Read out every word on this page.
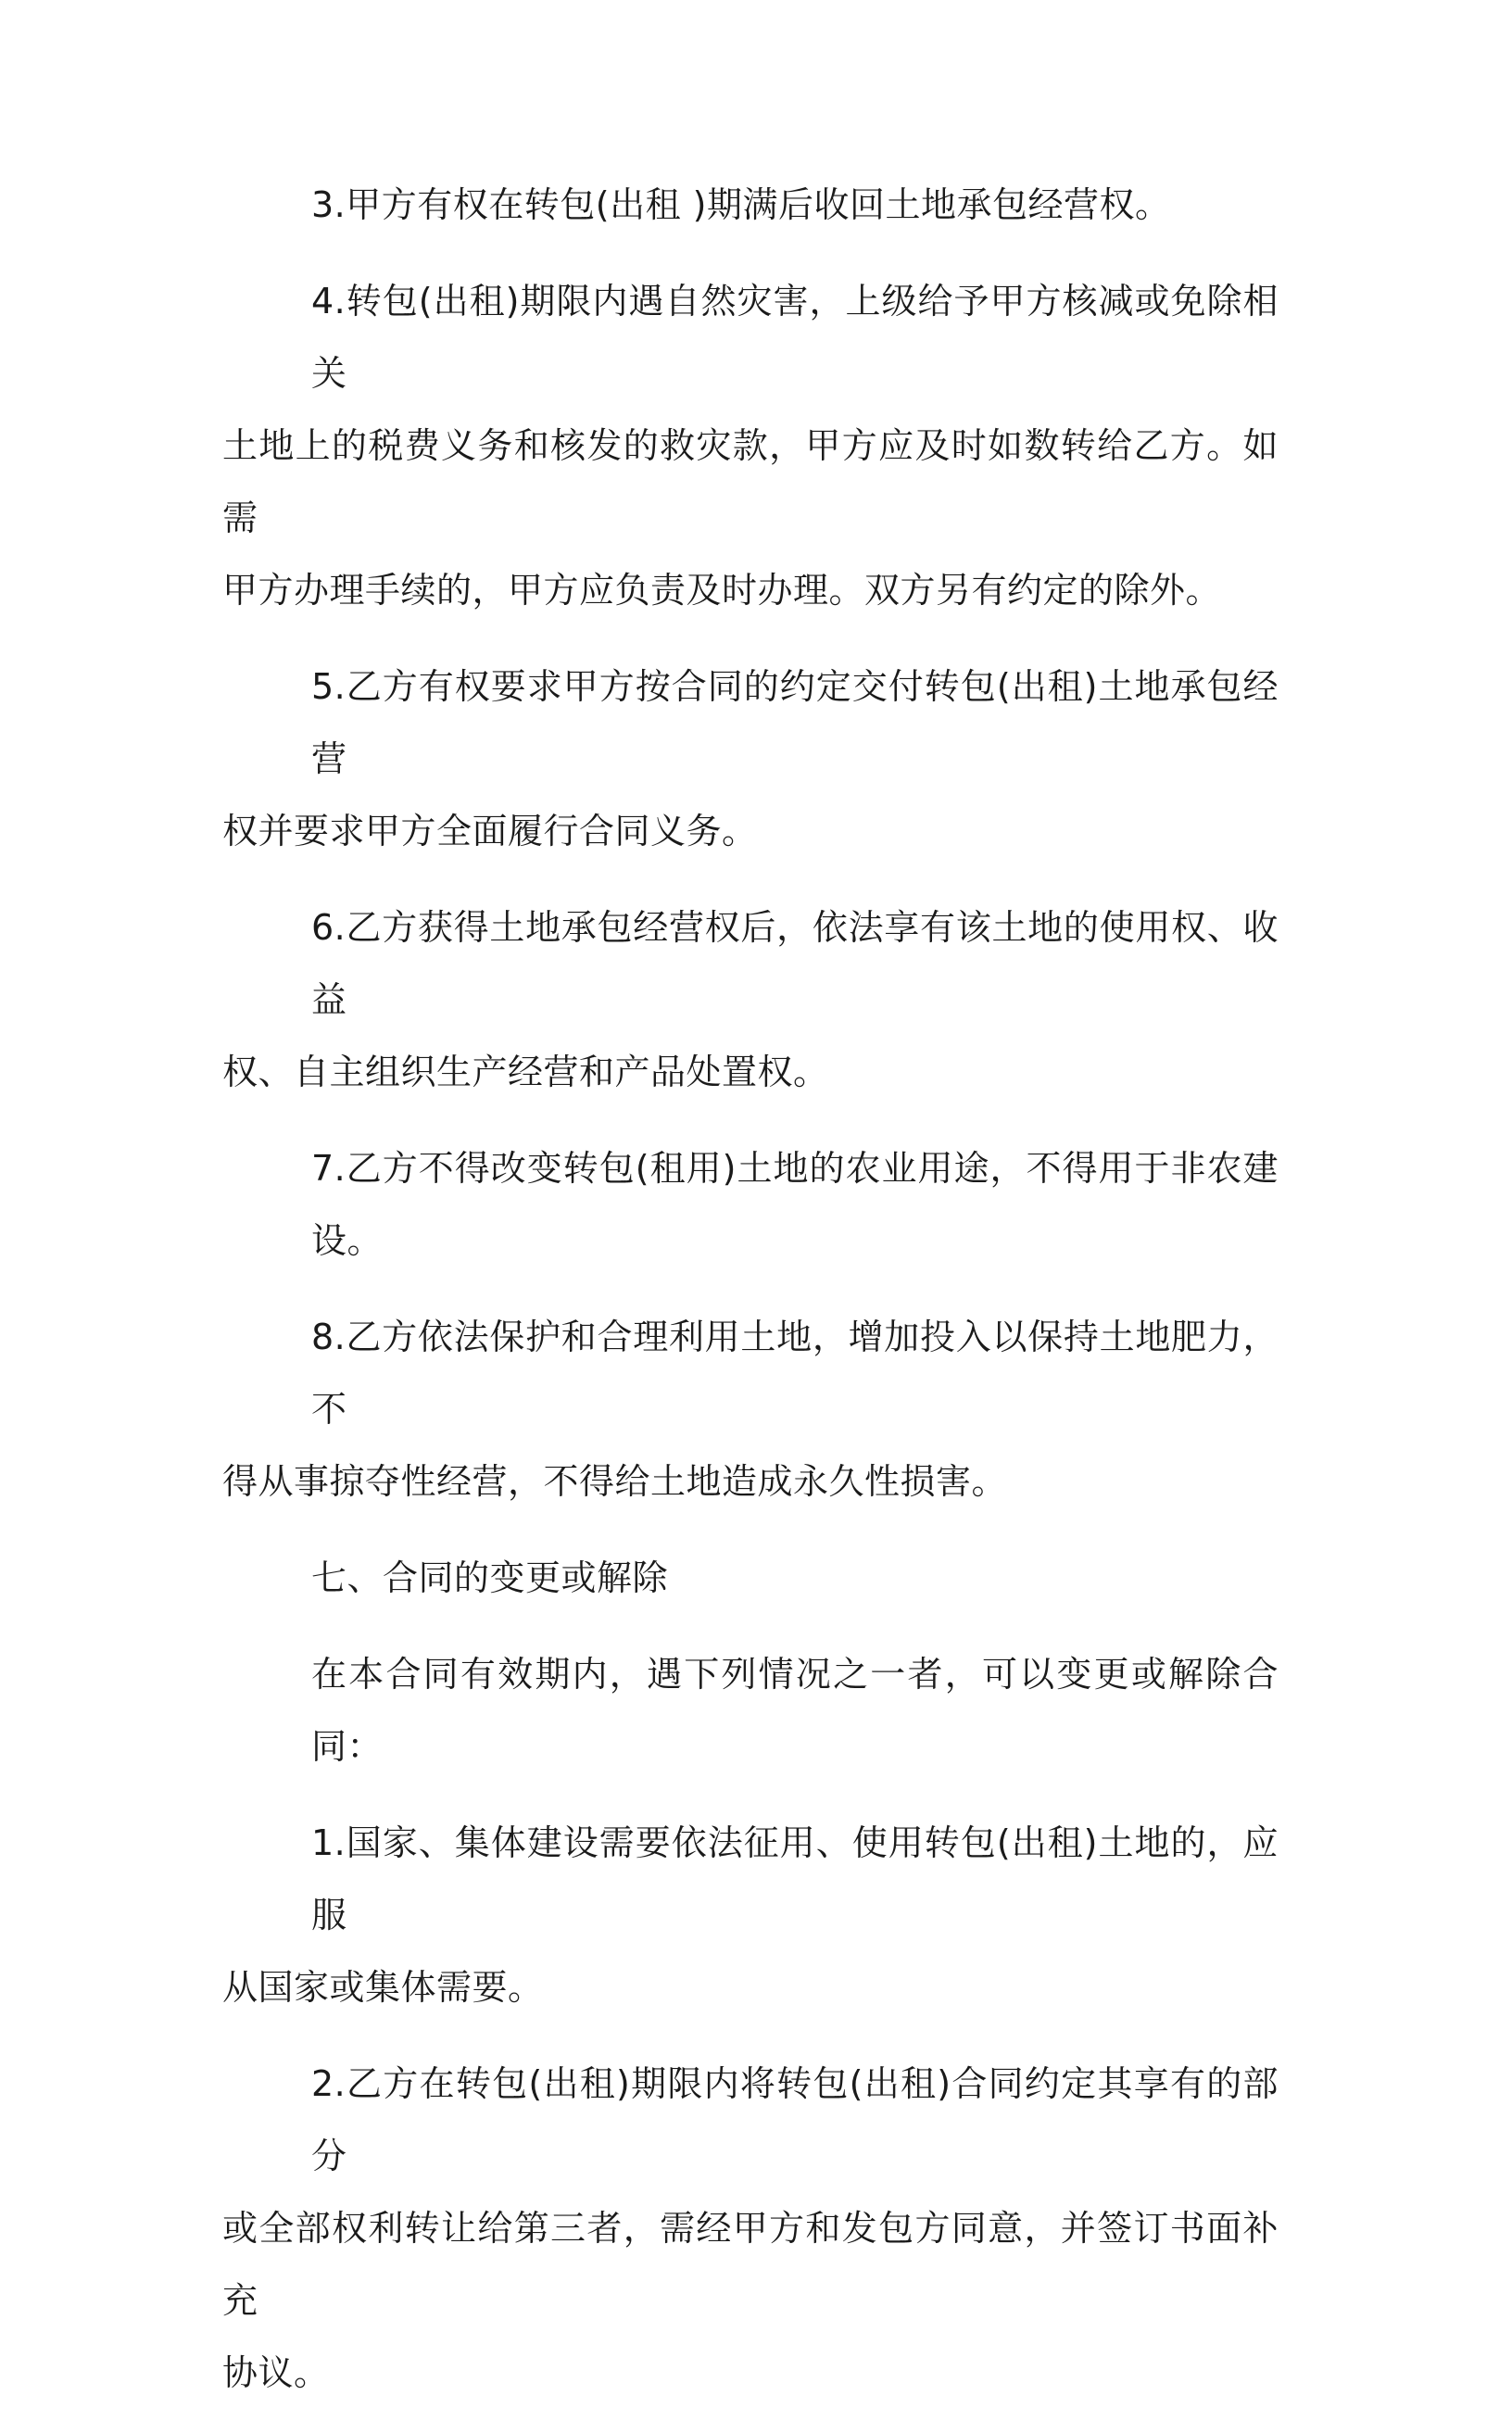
3.甲方有权在转包(出租 )期满后收回土地承包经营权。

4.转包(出租)期限内遇自然灾害，上级给予甲方核减或免除相关
土地上的税费义务和核发的救灾款，甲方应及时如数转给乙方。如需
甲方办理手续的，甲方应负责及时办理。双方另有约定的除外。

5.乙方有权要求甲方按合同的约定交付转包(出租)土地承包经营
权并要求甲方全面履行合同义务。

6.乙方获得土地承包经营权后，依法享有该土地的使用权、收益
权、自主组织生产经营和产品处置权。

7.乙方不得改变转包(租用)土地的农业用途，不得用于非农建设。

8.乙方依法保护和合理利用土地，增加投入以保持土地肥力，不
得从事掠夺性经营，不得给土地造成永久性损害。

七、合同的变更或解除

在本合同有效期内，遇下列情况之一者，可以变更或解除合同：

1.国家、集体建设需要依法征用、使用转包(出租)土地的，应服
从国家或集体需要。

2.乙方在转包(出租)期限内将转包(出租)合同约定其享有的部分
或全部权利转让给第三者，需经甲方和发包方同意，并签订书面补充
协议。
